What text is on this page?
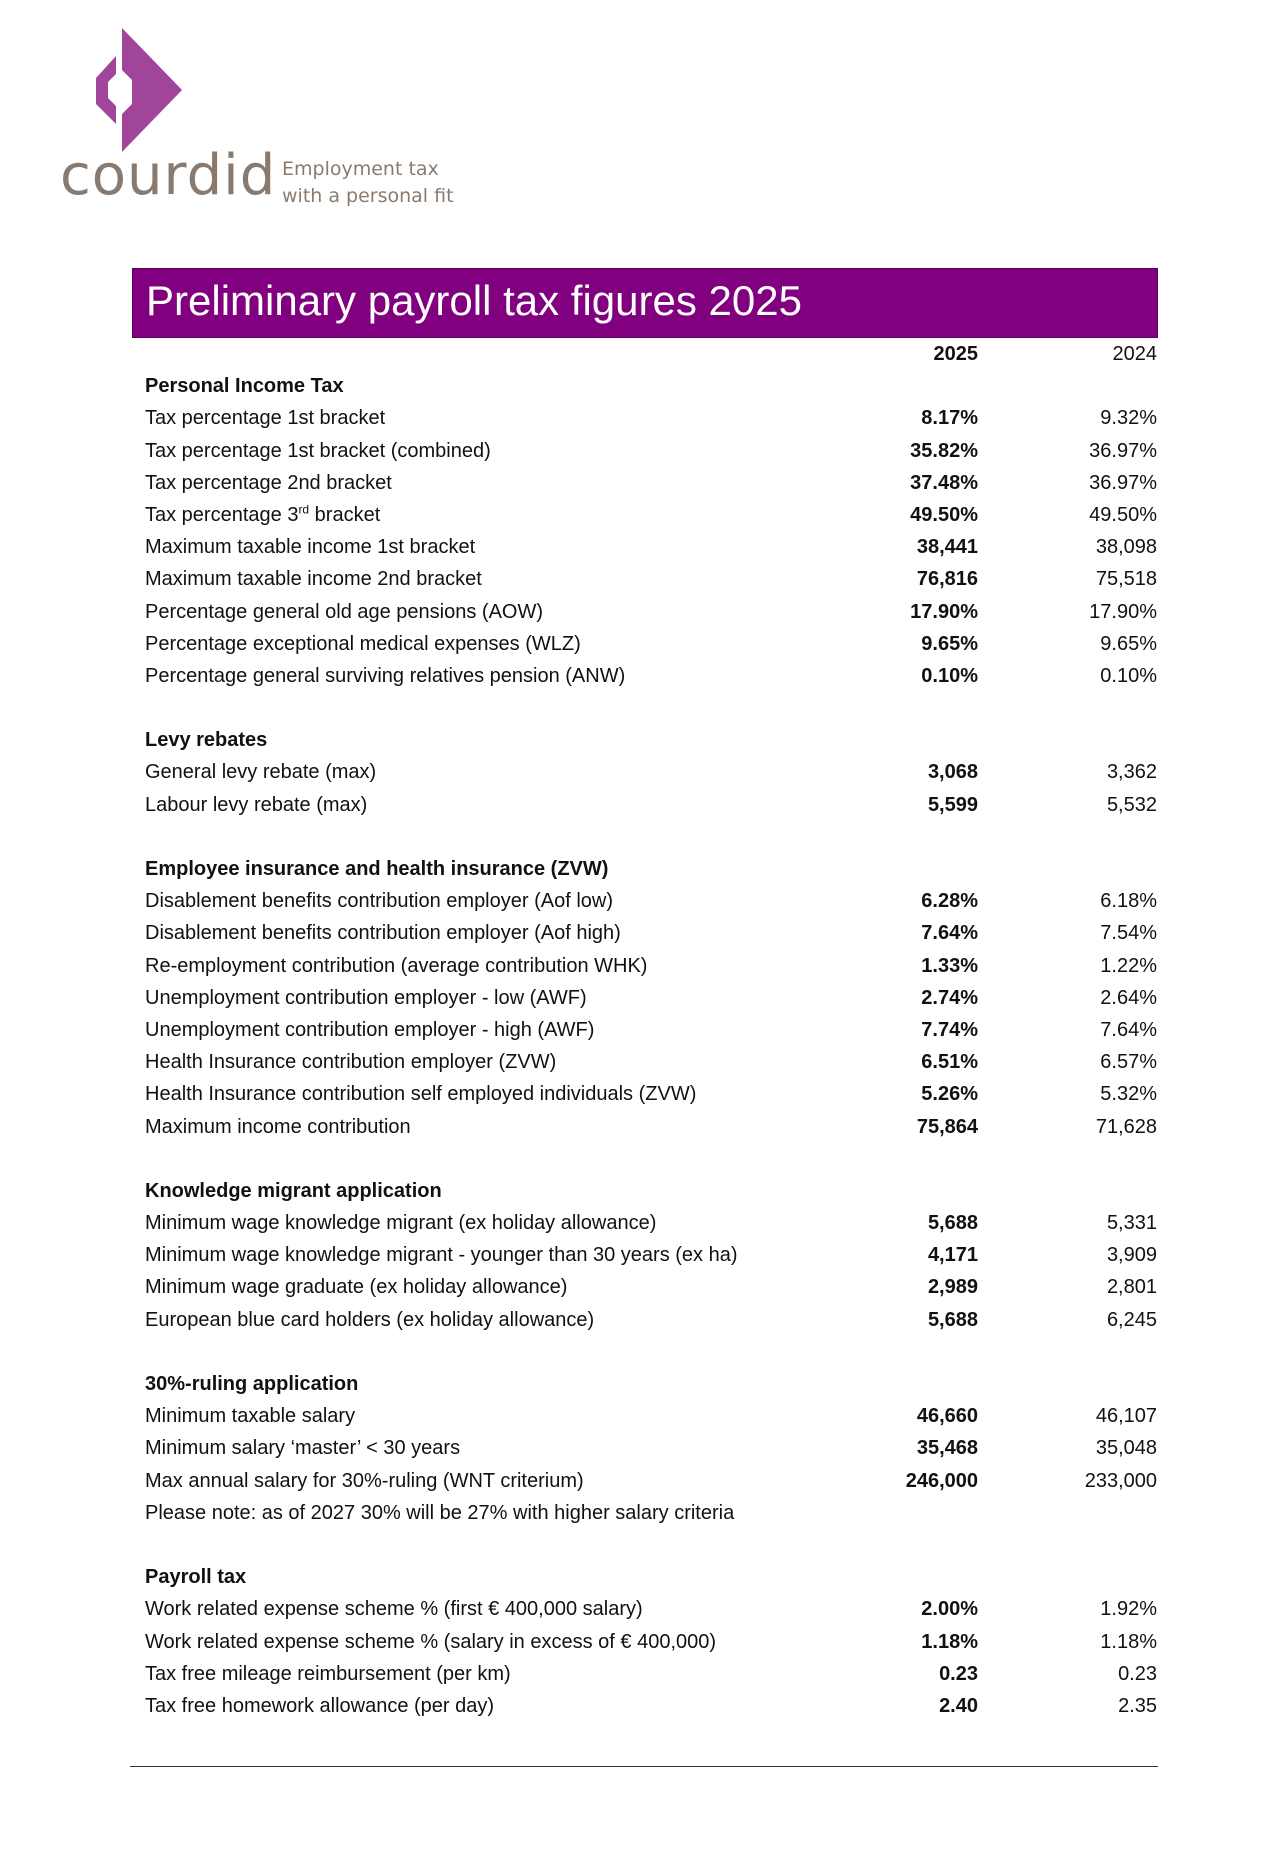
courdid Employment tax
with a personal fit
Preliminary payroll tax figures 2025
2025	2024
Personal Income Tax
Tax percentage 1st bracket	8.17%	9.32%
Tax percentage 1st bracket (combined)	35.82%	36.97%
Tax percentage 2nd bracket	37.48%	36.97%
Tax percentage 3rd bracket	49.50%	49.50%
Maximum taxable income 1st bracket	38,441	38,098
Maximum taxable income 2nd bracket	76,816	75,518
Percentage general old age pensions (AOW)	17.90%	17.90%
Percentage exceptional medical expenses (WLZ)	9.65%	9.65%
Percentage general surviving relatives pension (ANW)	0.10%	0.10%
Levy rebates
General levy rebate (max)	3,068	3,362
Labour levy rebate (max)	5,599	5,532
Employee insurance and health insurance (ZVW)
Disablement benefits contribution employer (Aof low)	6.28%	6.18%
Disablement benefits contribution employer (Aof high)	7.64%	7.54%
Re-employment contribution (average contribution WHK)	1.33%	1.22%
Unemployment contribution employer - low (AWF)	2.74%	2.64%
Unemployment contribution employer - high (AWF)	7.74%	7.64%
Health Insurance contribution employer (ZVW)	6.51%	6.57%
Health Insurance contribution self employed individuals (ZVW)	5.26%	5.32%
Maximum income contribution	75,864	71,628
Knowledge migrant application
Minimum wage knowledge migrant (ex holiday allowance)	5,688	5,331
Minimum wage knowledge migrant - younger than 30 years (ex ha)	4,171	3,909
Minimum wage graduate (ex holiday allowance)	2,989	2,801
European blue card holders (ex holiday allowance)	5,688	6,245
30%-ruling application
Minimum taxable salary	46,660	46,107
Minimum salary ‘master’ < 30 years	35,468	35,048
Max annual salary for 30%-ruling (WNT criterium)	246,000	233,000
Please note: as of 2027 30% will be 27% with higher salary criteria
Payroll tax
Work related expense scheme % (first € 400,000 salary)	2.00%	1.92%
Work related expense scheme % (salary in excess of € 400,000)	1.18%	1.18%
Tax free mileage reimbursement (per km)	0.23	0.23
Tax free homework allowance (per day)	2.40	2.35
